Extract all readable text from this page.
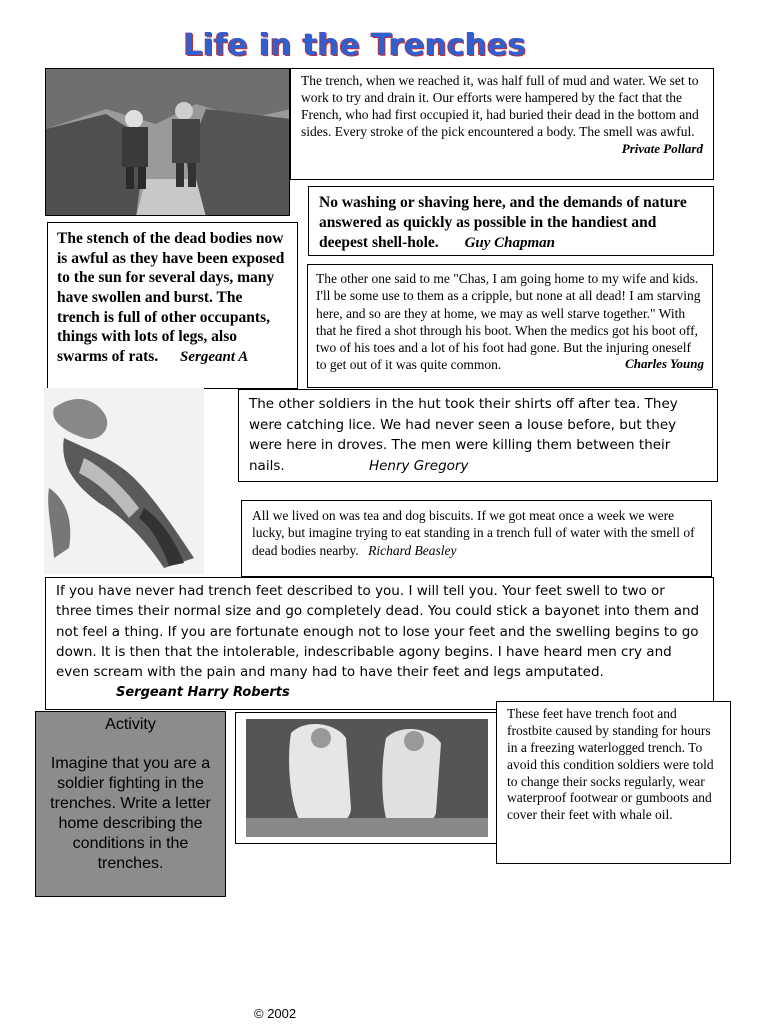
Life in the Trenches
The trench, when we reached it, was half full of mud and water. We set to work to try and drain it. Our efforts were hampered by the fact that the French, who had first occupied it, had buried their dead in the bottom and sides. Every stroke of the pick encountered a body. The smell was awful.
Private Pollard
No washing or shaving here, and the demands of nature answered as quickly as possible in the handiest and deepest shell-hole. Guy Chapman
The stench of the dead bodies now is awful as they have been exposed to the sun for several days, many have swollen and burst. The trench is full of other occupants, things with lots of legs, also swarms of rats. Sergeant A
The other one said to me "Chas, I am going home to my wife and kids. I'll be some use to them as a cripple, but none at all dead! I am starving here, and so are they at home, we may as well starve together." With that he fired a shot through his boot. When the medics got his boot off, two of his toes and a lot of his foot had gone. But the injuring oneself to get out of it was quite common.	Charles Young
The other soldiers in the hut took their shirts off after tea. They were catching lice. We had never seen a louse before, but they were here in droves. The men were killing them between their nails.	Henry Gregory
All we lived on was tea and dog biscuits. If we got meat once a week we were lucky, but imagine trying to eat standing in a trench full of water with the smell of dead bodies nearby. Richard Beasley
If you have never had trench feet described to you. I will tell you. Your feet swell to two or three times their normal size and go completely dead. You could stick a bayonet into them and not feel a thing. If you are fortunate enough not to lose your feet and the swelling begins to go down. It is then that the intolerable, indescribable agony begins. I have heard men cry and even scream with the pain and many had to have their feet and legs amputated. Sergeant Harry Roberts
Activity
Imagine that you are a soldier fighting in the trenches. Write a letter home describing the conditions in the trenches.
These feet have trench foot and frostbite caused by standing for hours in a freezing waterlogged trench. To avoid this condition soldiers were told to change their socks regularly, wear waterproof footwear or gumboots and cover their feet with whale oil.
© 2002
